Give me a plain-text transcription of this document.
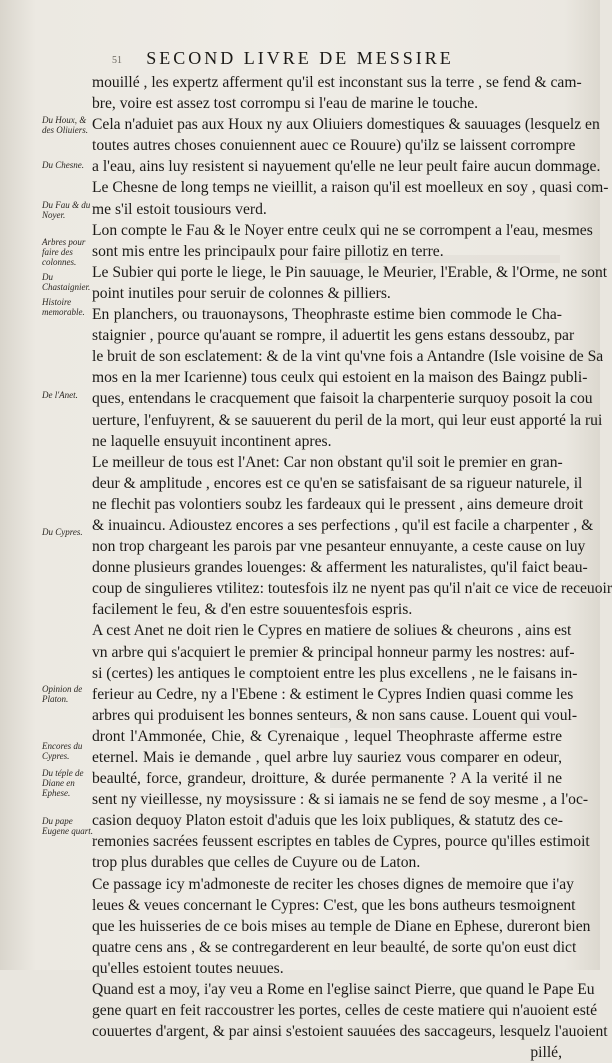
51	SECOND LIVRE DE MESSIRE
Du Houx, & des Oliuiers.
Du Chesne.
Du Fau & du Noyer.
Arbres pour faire des colonnes.
Du Chastaignier.
Histoire memorable.
De l'Anet.
Du Cypres.
Opinion de Platon.
Encores du Cypres.
Du téple de Diane en Ephese.
Du pape Eugene quart.
mouillé , les expertz afferment qu'il est inconstant sus la terre , se fend & cam-
bre, voire est assez tost corrompu si l'eau de marine le touche.
Cela n'aduiet pas aux Houx ny aux Oliuiers domestiques & sauuages (lesquelz en
toutes autres choses conuiennent auec ce Rouure) qu'ilz se laissent corrompre
a l'eau, ains luy resistent si nayuement qu'elle ne leur peult faire aucun dommage.
Le Chesne de long temps ne vieillit, a raison qu'il est moelleux en soy , quasi com-
me s'il estoit tousiours verd.
Lon compte le Fau & le Noyer entre ceulx qui ne se corrompent a l'eau, mesmes
sont mis entre les principaulx pour faire pillotiz en terre.
Le Subier qui porte le liege, le Pin sauuage, le Meurier, l'Erable, & l'Orme, ne sont
point inutiles pour seruir de colonnes & pilliers.
En planchers, ou trauonaysons, Theophraste estime bien commode le Cha-
staignier , pource qu'auant se rompre, il aduertit les gens estans dessoubz, par
le bruit de son esclatement: & de la vint qu'vne fois a Antandre (Isle voisine de Sa
mos en la mer Icarienne) tous ceulx qui estoient en la maison des Baingz publi-
ques, entendans le cracquement que faisoit la charpenterie surquoy posoit la cou
uerture, l'enfuyrent, & se sauuerent du peril de la mort, qui leur eust apporté la rui
ne laquelle ensuyuit incontinent apres.
Le meilleur de tous est l'Anet: Car non obstant qu'il soit le premier en gran-
deur & amplitude , encores est ce qu'en se satisfaisant de sa rigueur naturele, il
ne flechit pas volontiers soubz les fardeaux qui le pressent , ains demeure droit
& inuaincu. Adioustez encores a ses perfections , qu'il est facile a charpenter , &
non trop chargeant les parois par vne pesanteur ennuyante, a ceste cause on luy
donne plusieurs grandes louenges: & afferment les naturalistes, qu'il faict beau-
coup de singulieres vtilitez: toutesfois ilz ne nyent pas qu'il n'ait ce vice de receuoir
facilement le feu, & d'en estre souuentesfois espris.
A cest Anet ne doit rien le Cypres en matiere de soliues & cheurons , ains est
vn arbre qui s'acquiert le premier & principal honneur parmy les nostres: auf-
si (certes) les antiques le comptoient entre les plus excellens , ne le faisans in-
ferieur au Cedre, ny a l'Ebene : & estiment le Cypres Indien quasi comme les
arbres qui produisent les bonnes senteurs, & non sans cause. Louent qui voul-
dront l'Ammonée, Chie, & Cyrenaique , lequel Theophraste afferme estre
eternel. Mais ie demande , quel arbre luy sauriez vous comparer en odeur,
beaulté, force, grandeur, droitture, & durée permanente ? A la verité il ne
sent ny vieillesse, ny moysissure : & si iamais ne se fend de soy mesme , a l'oc-
casion dequoy Platon estoit d'aduis que les loix publiques, & statutz des ce-
remonies sacrées feussent escriptes en tables de Cypres, pource qu'illes estimoit
trop plus durables que celles de Cuyure ou de Laton.
Ce passage icy m'admoneste de reciter les choses dignes de memoire que i'ay
leues & veues concernant le Cypres: C'est, que les bons autheurs tesmoignent
que les huisseries de ce bois mises au temple de Diane en Ephese, dureront bien
quatre cens ans , & se contregarderent en leur beaulté, de sorte qu'on eust dict
qu'elles estoient toutes neuues.
Quand est a moy, i'ay veu a Rome en l'eglise sainct Pierre, que quand le Pape Eu
gene quart en feit raccoustrer les portes, celles de ceste matiere qui n'auoient esté
couuertes d'argent, & par ainsi s'estoient sauuées des saccageurs, lesquelz l'auoient
pillé,
